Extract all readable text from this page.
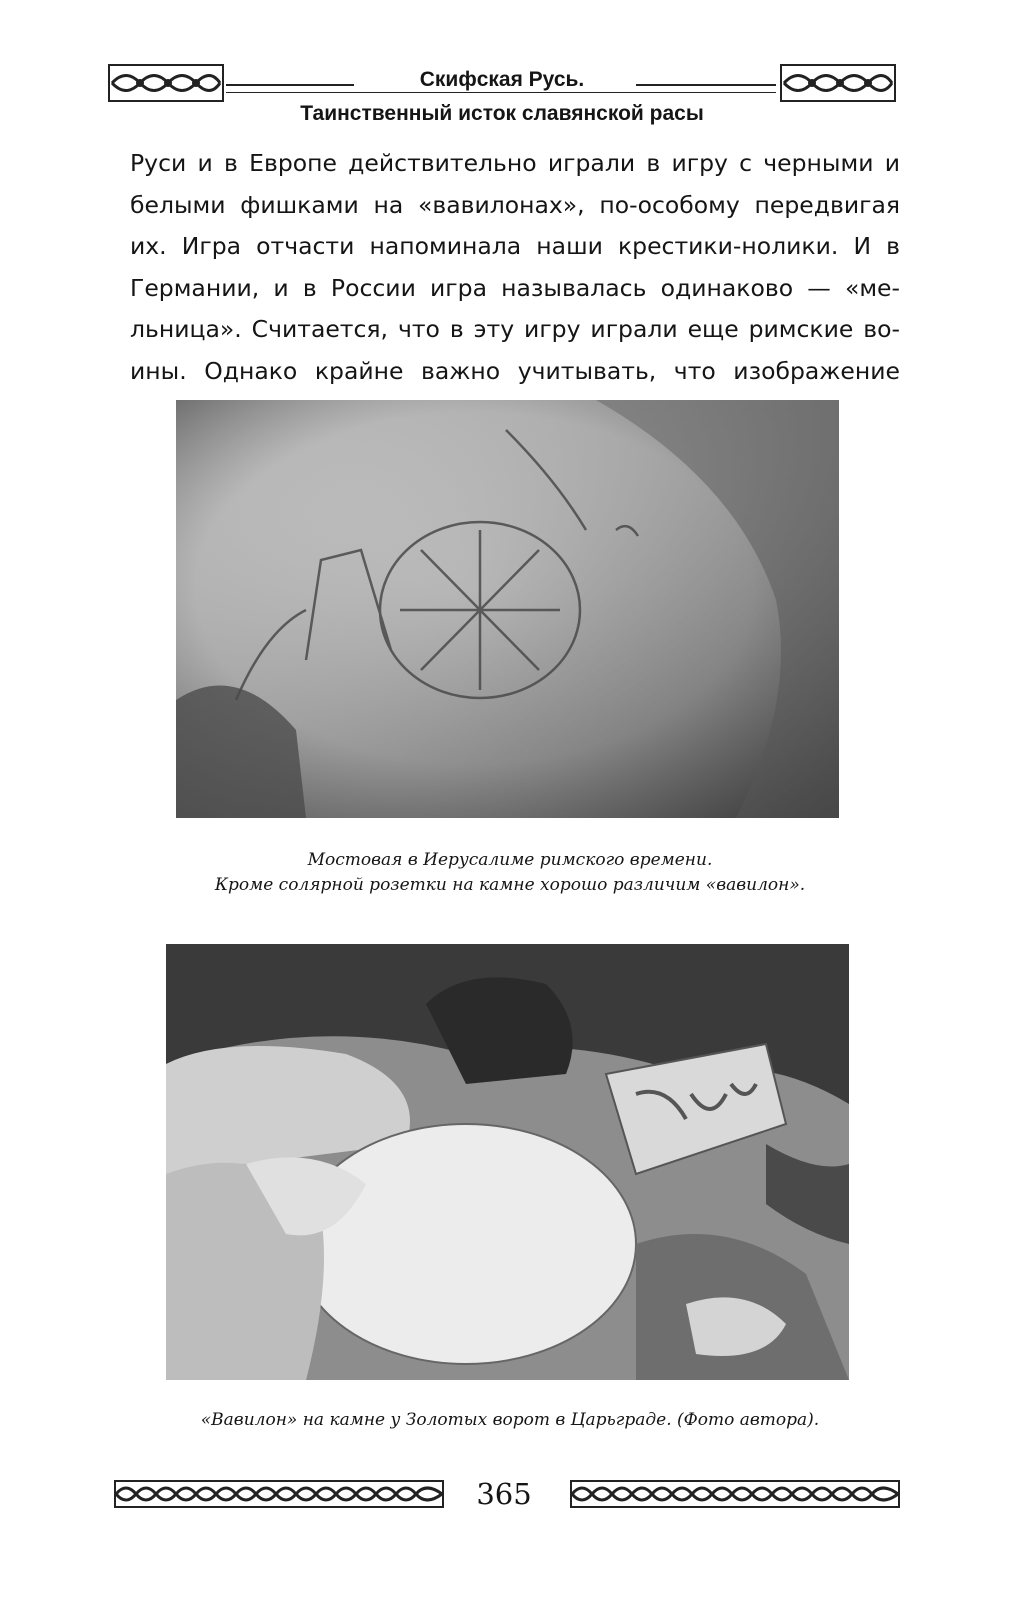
Скифская Русь.
Таинственный исток славянской расы
Руси и в Европе действительно играли в игру с черными и
белыми фишками на «вавилонах», по-особому передвигая
их. Игра отчасти напоминала наши крестики-нолики. И в
Германии, и в России игра называлась одинаково — «ме-
льница». Считается, что в эту игру играли еще римские во-
ины. Однако крайне важно учитывать, что изображение
Мостовая в Иерусалиме римского времени.
Кроме солярной розетки на камне хорошо различим «вавилон».
«Вавилон» на камне у Золотых ворот в Царьграде. (Фото автора).
365
